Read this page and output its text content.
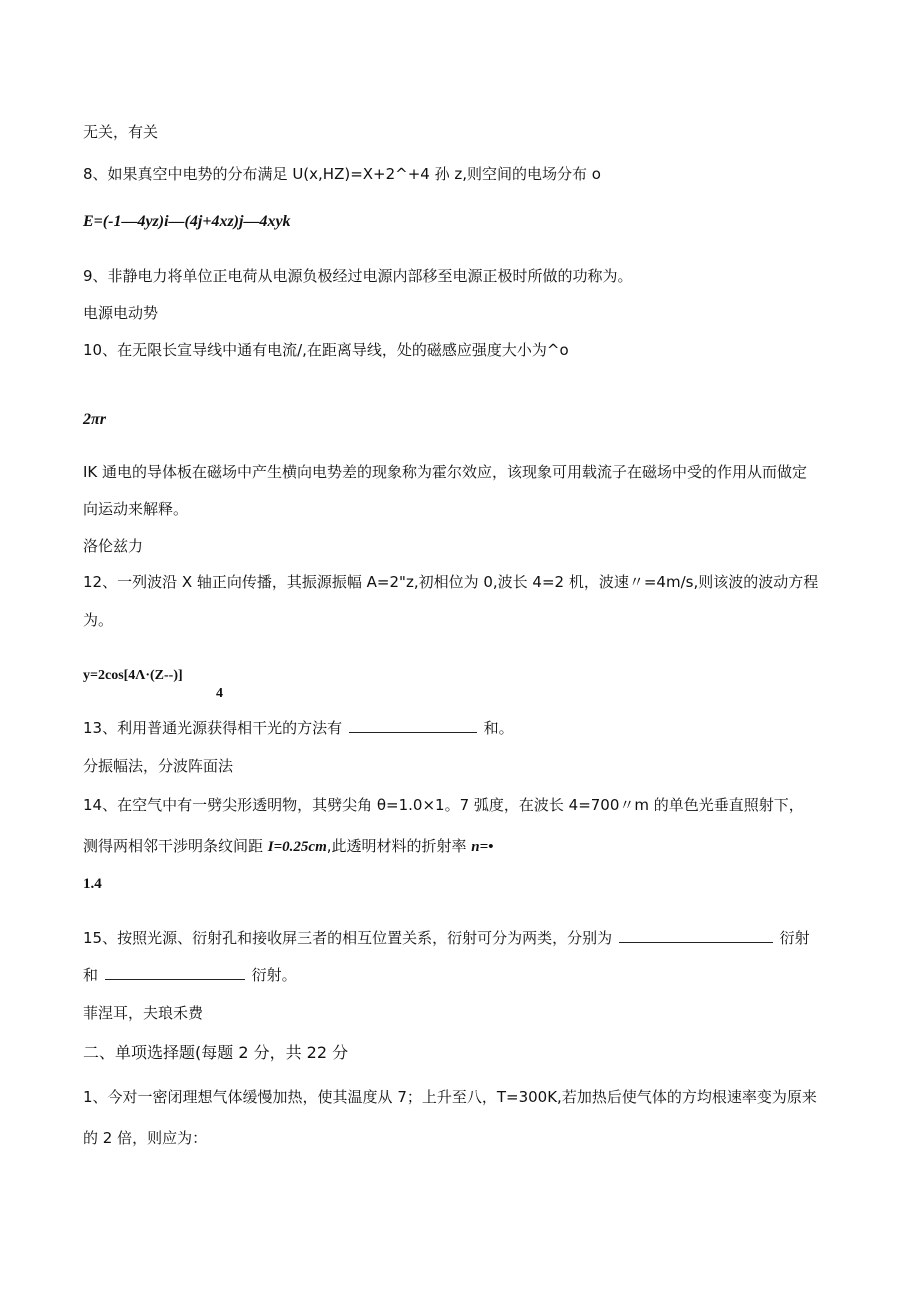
无关，有关
8、如果真空中电势的分布满足 U(x,HZ)=X+2^+4 孙 z,则空间的电场分布 o
E=(-1—4yz)i—(4j+4xz)j—4xyk
9、非静电力将单位正电荷从电源负极经过电源内部移至电源正极时所做的功称为。
电源电动势
10、在无限长宣导线中通有电流/,在距离导线，处的磁感应强度大小为^o
2πr
IK 通电的导体板在磁场中产生横向电势差的现象称为霍尔效应，该现象可用载流子在磁场中受的作用从而做定
向运动来解释。
洛伦兹力
12、一列波沿 X 轴正向传播，其振源振幅 A=2"z,初相位为 0,波长 4=2 机，波速〃=4m∕s,则该波的波动方程
为。
y=2cos[4Λ·(Z--)]
4
13、利用普通光源获得相干光的方法有	和。
分振幅法，分波阵面法
14、在空气中有一劈尖形透明物，其劈尖角 θ=1.0×1。7 弧度，在波长 4=700〃m 的单色光垂直照射下，
测得两相邻干涉明条纹间距 I=0.25cm,此透明材料的折射率 n=•
1.4
15、按照光源、衍射孔和接收屏三者的相互位置关系，衍射可分为两类，分别为	衍射
和	衍射。
菲涅耳，夫琅禾费
二、单项选择题(每题 2 分，共 22 分
1、今对一密闭理想气体缓慢加热，使其温度从 7；上升至八，T=300K,若加热后使气体的方均根速率变为原来
的 2 倍，则应为：
